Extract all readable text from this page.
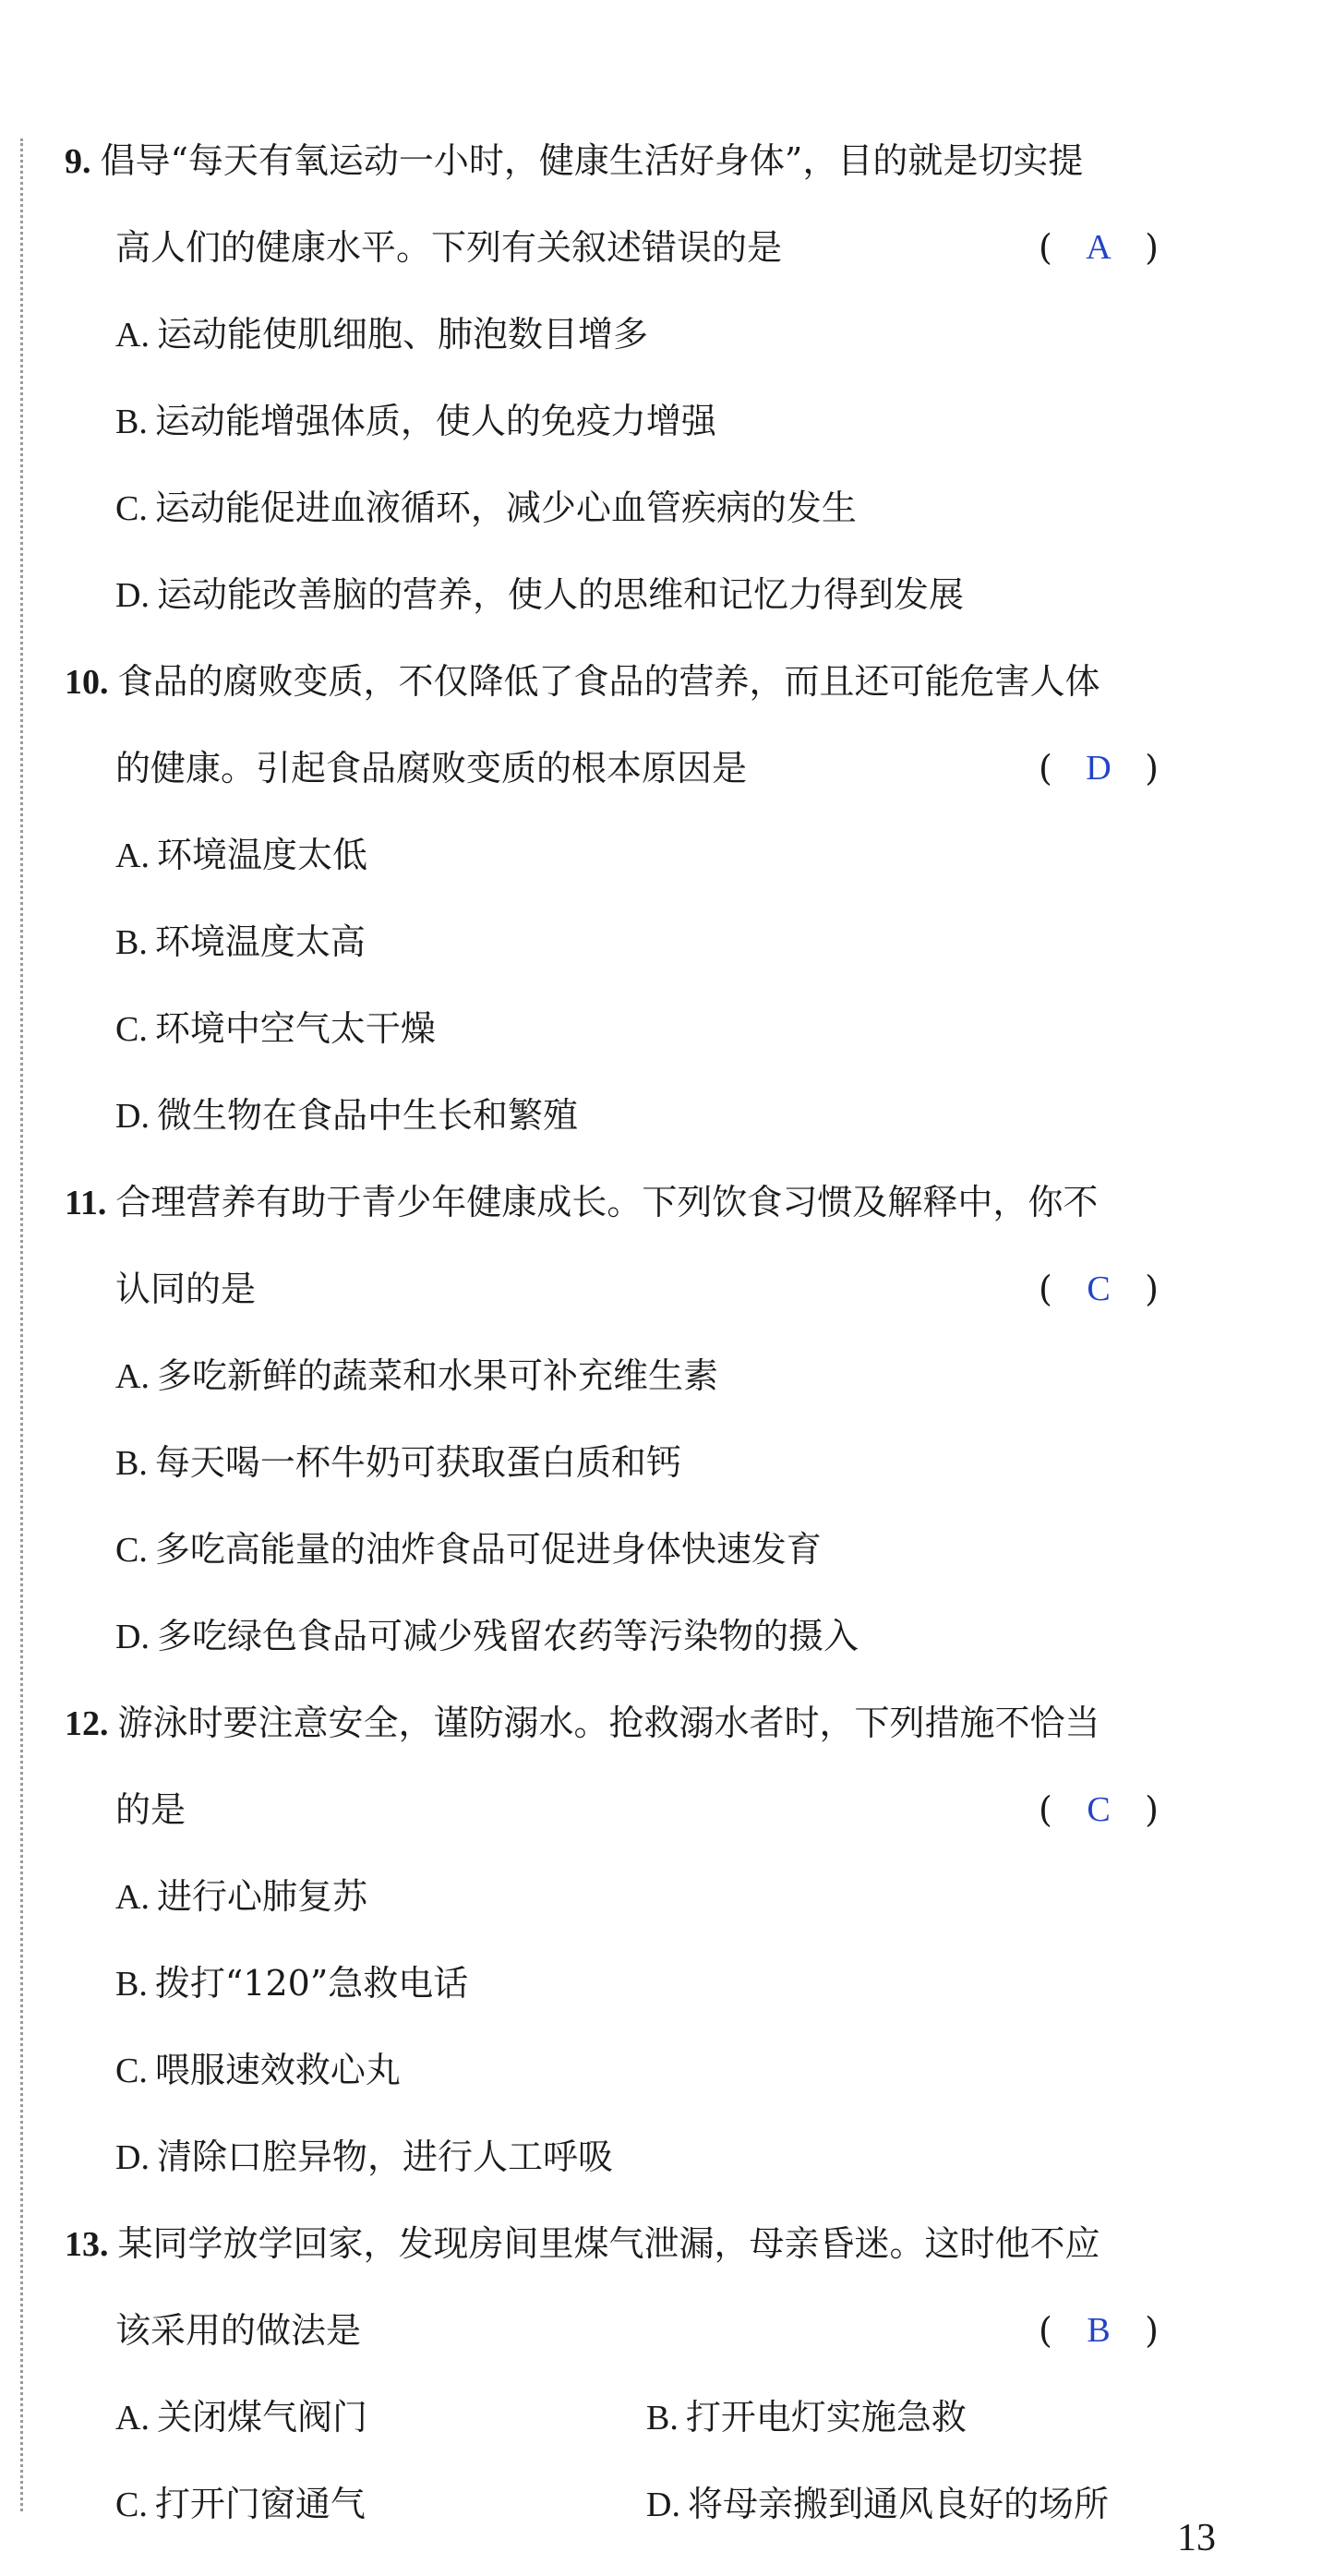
9. 倡导“每天有氧运动一小时，健康生活好身体”，目的就是切实提
高人们的健康水平。下列有关叙述错误的是	( A )
A. 运动能使肌细胞、肺泡数目增多
B. 运动能增强体质，使人的免疫力增强
C. 运动能促进血液循环，减少心血管疾病的发生
D. 运动能改善脑的营养，使人的思维和记忆力得到发展
10. 食品的腐败变质，不仅降低了食品的营养，而且还可能危害人体
的健康。引起食品腐败变质的根本原因是	( D )
A. 环境温度太低
B. 环境温度太高
C. 环境中空气太干燥
D. 微生物在食品中生长和繁殖
11. 合理营养有助于青少年健康成长。下列饮食习惯及解释中，你不
认同的是	( C )
A. 多吃新鲜的蔬菜和水果可补充维生素
B. 每天喝一杯牛奶可获取蛋白质和钙
C. 多吃高能量的油炸食品可促进身体快速发育
D. 多吃绿色食品可减少残留农药等污染物的摄入
12. 游泳时要注意安全，谨防溺水。抢救溺水者时，下列措施不恰当
的是	( C )
A. 进行心肺复苏
B. 拨打“120”急救电话
C. 喂服速效救心丸
D. 清除口腔异物，进行人工呼吸
13. 某同学放学回家，发现房间里煤气泄漏，母亲昏迷。这时他不应
该采用的做法是	( B )
A. 关闭煤气阀门	B. 打开电灯实施急救
C. 打开门窗通气	D. 将母亲搬到通风良好的场所
13
